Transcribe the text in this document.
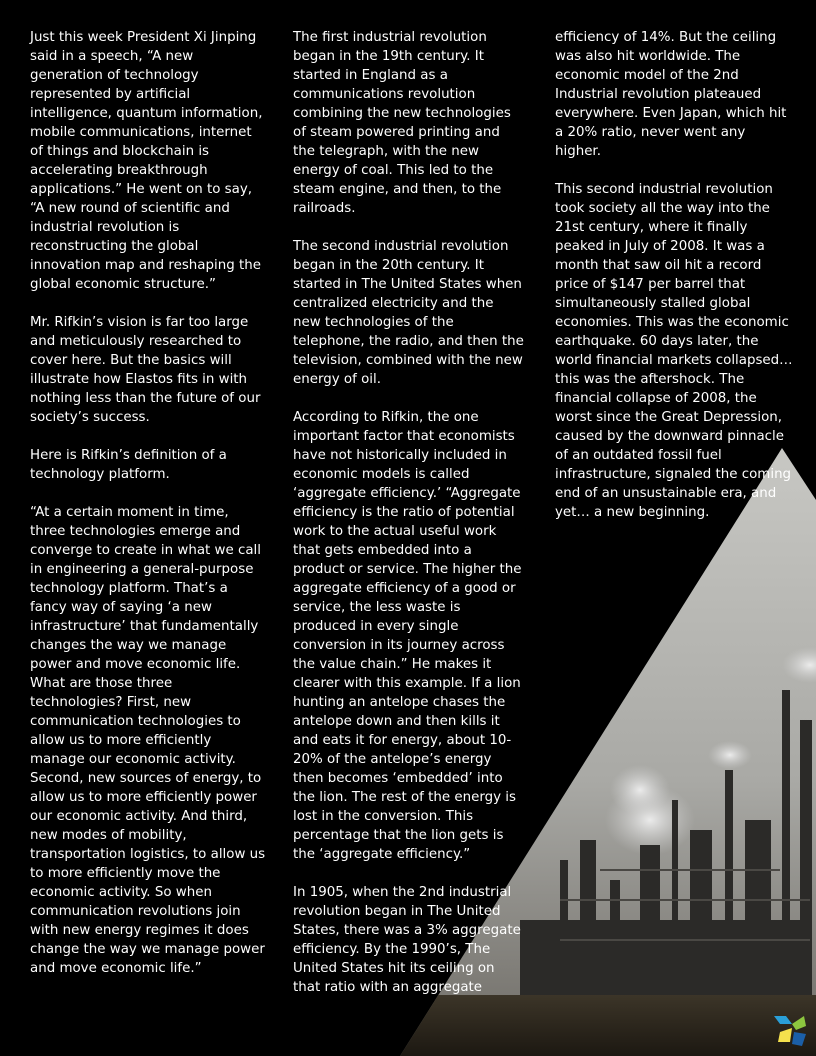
Just this week President Xi Jinping said in a speech, “A new generation of technology represented by artificial intelligence, quantum information, mobile communications, internet of things and blockchain is accelerating breakthrough applications.” He went on to say, “A new round of scientific and industrial revolution is reconstructing the global innovation map and reshaping the global economic structure.”

Mr. Rifkin’s vision is far too large and meticulously researched to cover here. But the basics will illustrate how Elastos fits in with nothing less than the future of our society’s success.

Here is Rifkin’s definition of a technology platform.

“At a certain moment in time, three technologies emerge and converge to create in what we call in engineering a general-purpose technology platform. That’s a fancy way of saying ‘a new infrastructure’ that fundamentally changes the way we manage power and move economic life. What are those three technologies? First, new communication technologies to allow us to more efficiently manage our economic activity. Second, new sources of energy, to allow us to more efficiently power our economic activity. And third, new modes of mobility, transportation logistics, to allow us to more efficiently move the economic activity. So when communication revolutions join with new energy regimes it does change the way we manage power and move economic life.”

The first industrial revolution began in the 19th century. It started in England as a communications revolution combining the new technologies of steam powered printing and the telegraph, with the new energy of coal. This led to the steam engine, and then, to the railroads.

The second industrial revolution began in the 20th century. It started in The United States when centralized electricity and the new technologies of the telephone, the radio, and then the television, combined with the new energy of oil.

According to Rifkin, the one important factor that economists have not historically included in economic models is called ‘aggregate efficiency.’ “Aggregate efficiency is the ratio of potential work to the actual useful work that gets embedded into a product or service. The higher the aggregate efficiency of a good or service, the less waste is produced in every single conversion in its journey across the value chain.” He makes it clearer with this example. If a lion hunting an antelope chases the antelope down and then kills it and eats it for energy, about 10-20% of the antelope’s energy then becomes ‘embedded’ into the lion. The rest of the energy is lost in the conversion. This percentage that the lion gets is the ‘aggregate efficiency.”

In 1905, when the 2nd industrial revolution began in The United States, there was a 3% aggregate efficiency. By the 1990’s, The United States hit its ceiling on that ratio with an aggregate

efficiency of 14%. But the ceiling was also hit worldwide. The economic model of the 2nd Industrial revolution plateaued everywhere. Even Japan, which hit a 20% ratio, never went any higher.

This second industrial revolution took society all the way into the 21st century, where it finally peaked in July of 2008. It was a month that saw oil hit a record price of $147 per barrel that simultaneously stalled global economies. This was the economic earthquake. 60 days later, the world financial markets collapsed…this was the aftershock. The financial collapse of 2008, the worst since the Great Depression, caused by the downward pinnacle of an outdated fossil fuel infrastructure, signaled the coming end of an unsustainable era, and yet… a new beginning.
